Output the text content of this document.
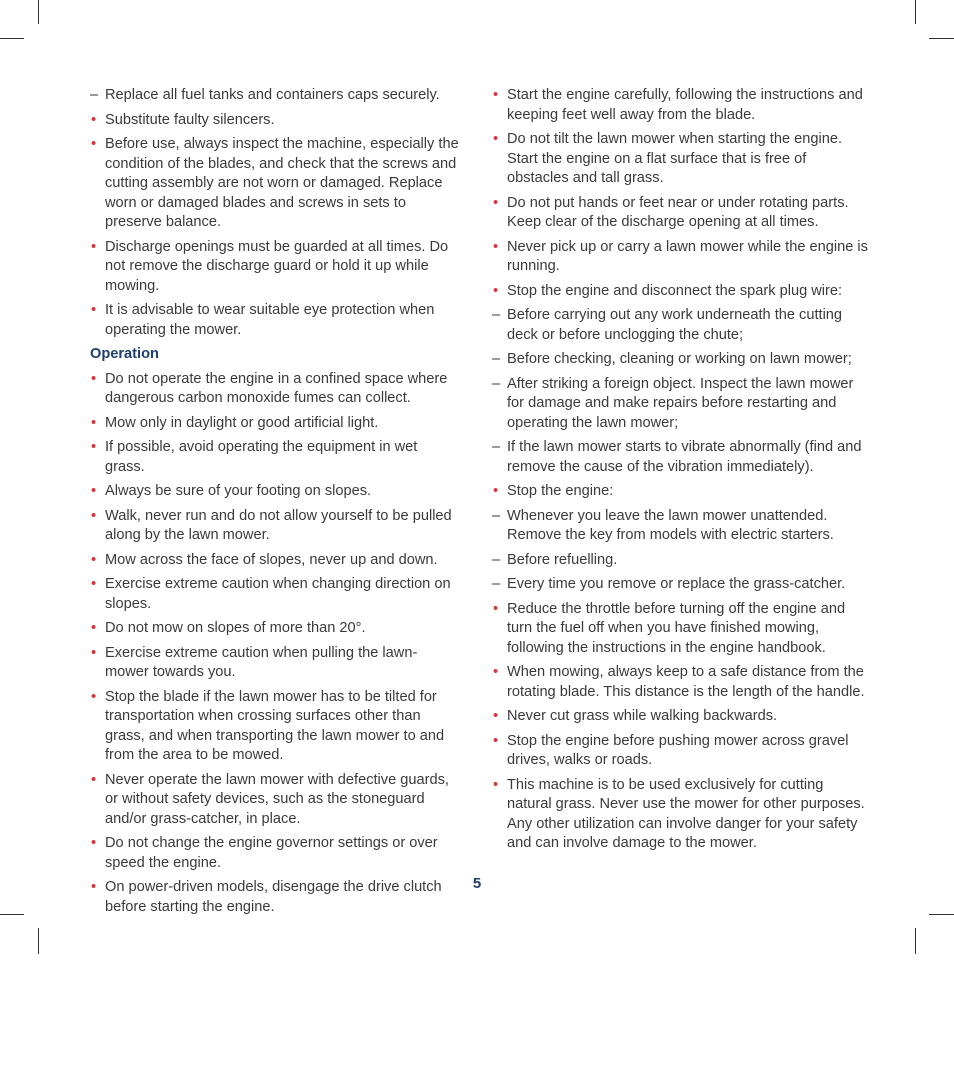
– Replace all fuel tanks and containers caps securely.
• Substitute faulty silencers.
• Before use, always inspect the machine, especially the condition of the blades, and check that the screws and cutting assembly are not worn or damaged. Replace worn or damaged blades and screws in sets to preserve balance.
• Discharge openings must be guarded at all times. Do not remove the discharge guard or hold it up while mowing.
• It is advisable to wear suitable eye protection when operating the mower.
Operation
• Do not operate the engine in a confined space where dangerous carbon monoxide fumes can collect.
• Mow only in daylight or good artificial light.
• If possible, avoid operating the equipment in wet grass.
• Always be sure of your footing on slopes.
• Walk, never run and do not allow yourself to be pulled along by the lawn mower.
• Mow across the face of slopes, never up and down.
• Exercise extreme caution when changing direction on slopes.
• Do not mow on slopes of more than 20°.
• Exercise extreme caution when pulling the lawn-mower towards you.
• Stop the blade if the lawn mower has to be tilted for transportation when crossing surfaces other than grass, and when transporting the lawn mower to and from the area to be mowed.
• Never operate the lawn mower with defective guards, or without safety devices, such as the stoneguard and/or grass-catcher, in place.
• Do not change the engine governor settings or over speed the engine.
• On power-driven models, disengage the drive clutch before starting the engine.
• Start the engine carefully, following the instructions and keeping feet well away from the blade.
• Do not tilt the lawn mower when starting the engine. Start the engine on a flat surface that is free of obstacles and tall grass.
• Do not put hands or feet near or under rotating parts. Keep clear of the discharge opening at all times.
• Never pick up or carry a lawn mower while the engine is running.
• Stop the engine and disconnect the spark plug wire:
– Before carrying out any work underneath the cutting deck or before unclogging the chute;
– Before checking, cleaning or working on lawn mower;
– After striking a foreign object. Inspect the lawn mower for damage and make repairs before restarting and operating the lawn mower;
– If the lawn mower starts to vibrate abnormally (find and remove the cause of the vibration immediately).
• Stop the engine:
– Whenever you leave the lawn mower unattended. Remove the key from models with electric starters.
– Before refuelling.
– Every time you remove or replace the grass-catcher.
• Reduce the throttle before turning off the engine and turn the fuel off when you have finished mowing, following the instructions in the engine handbook.
• When mowing, always keep to a safe distance from the rotating blade. This distance is the length of the handle.
• Never cut grass while walking backwards.
• Stop the engine before pushing mower across gravel drives, walks or roads.
• This machine is to be used exclusively for cutting natural grass. Never use the mower for other purposes. Any other utilization can involve danger for your safety and can involve damage to the mower.
5
